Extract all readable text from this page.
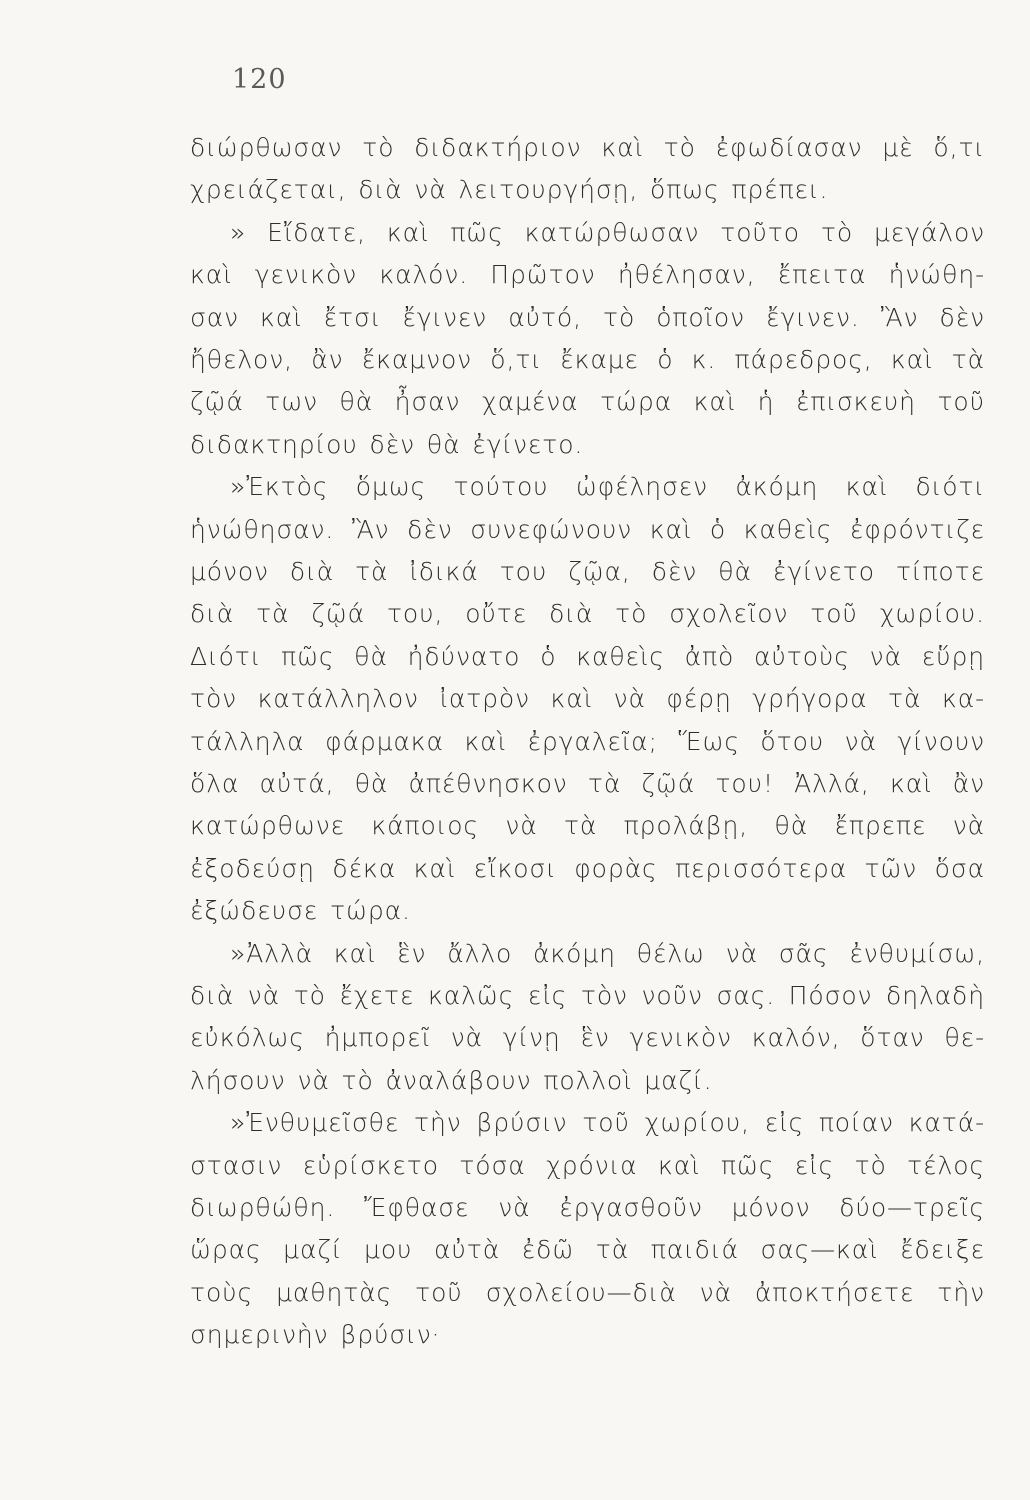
120
διώρθωσαν τὸ διδακτήριον καὶ τὸ ἐφωδίασαν μὲ ὅ,τι
χρειάζεται, διὰ νὰ λειτουργήσῃ, ὅπως πρέπει.
» Εἴδατε, καὶ πῶς κατώρθωσαν τοῦτο τὸ μεγάλον
καὶ γενικὸν καλόν. Πρῶτον ἠθέλησαν, ἔπειτα ἡνώθη-
σαν καὶ ἔτσι ἔγινεν αὐτό, τὸ ὁποῖον ἔγινεν. Ἂν δὲν
ἤθελον, ἂν ἔκαμνον ὅ,τι ἔκαμε ὁ κ. πάρεδρος, καὶ τὰ
ζῷά των θὰ ἦσαν χαμένα τώρα καὶ ἡ ἐπισκευὴ τοῦ
διδακτηρίου δὲν θὰ ἐγίνετο.
»Ἐκτὸς ὅμως τούτου ὠφέλησεν ἀκόμη καὶ διότι
ἡνώθησαν. Ἂν δὲν συνεφώνουν καὶ ὁ καθεὶς ἐφρόντιζε
μόνον διὰ τὰ ἰδικά του ζῷα, δὲν θὰ ἐγίνετο τίποτε
διὰ τὰ ζῷά του, οὔτε διὰ τὸ σχολεῖον τοῦ χωρίου.
Διότι πῶς θὰ ἠδύνατο ὁ καθεὶς ἀπὸ αὐτοὺς νὰ εὕρῃ
τὸν κατάλληλον ἰατρὸν καὶ νὰ φέρῃ γρήγορα τὰ κα-
τάλληλα φάρμακα καὶ ἐργαλεῖα; Ἕως ὅτου νὰ γίνουν
ὅλα αὐτά, θὰ ἀπέθνησκον τὰ ζῷά του! Ἀλλά, καὶ ἂν
κατώρθωνε κάποιος νὰ τὰ προλάβῃ, θὰ ἔπρεπε νὰ
ἐξοδεύσῃ δέκα καὶ εἴκοσι φορὰς περισσότερα τῶν ὅσα
ἐξώδευσε τώρα.
»Ἀλλὰ καὶ ἓν ἄλλο ἀκόμη θέλω νὰ σᾶς ἐνθυμίσω,
διὰ νὰ τὸ ἔχετε καλῶς εἰς τὸν νοῦν σας. Πόσον δηλαδὴ
εὐκόλως ἠμπορεῖ νὰ γίνῃ ἓν γενικὸν καλόν, ὅταν θε-
λήσουν νὰ τὸ ἀναλάβουν πολλοὶ μαζί.
»Ἐνθυμεῖσθε τὴν βρύσιν τοῦ χωρίου, εἰς ποίαν κατά-
στασιν εὑρίσκετο τόσα χρόνια καὶ πῶς εἰς τὸ τέλος
διωρθώθη. Ἔφθασε νὰ ἐργασθοῦν μόνον δύο—τρεῖς
ὥρας μαζί μου αὐτὰ ἐδῶ τὰ παιδιά σας—καὶ ἔδειξε
τοὺς μαθητὰς τοῦ σχολείου—διὰ νὰ ἀποκτήσετε τὴν
σημερινὴν βρύσιν·
